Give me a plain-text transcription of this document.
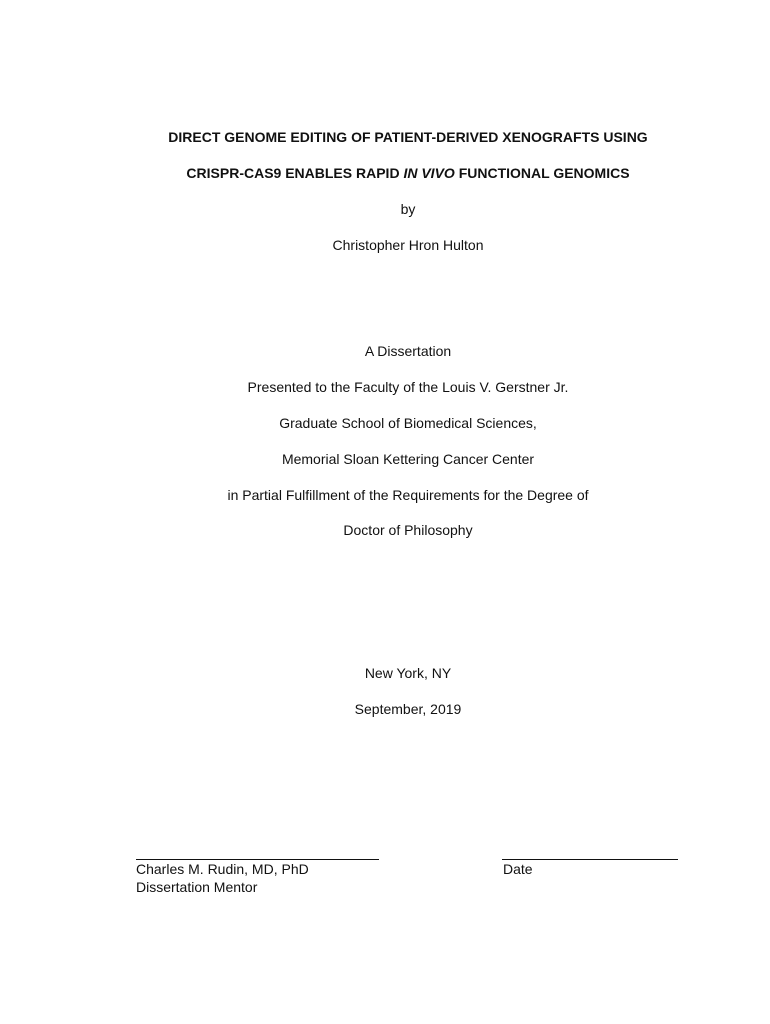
DIRECT GENOME EDITING OF PATIENT-DERIVED XENOGRAFTS USING
CRISPR-CAS9 ENABLES RAPID IN VIVO FUNCTIONAL GENOMICS
by
Christopher Hron Hulton
A Dissertation
Presented to the Faculty of the Louis V. Gerstner Jr.
Graduate School of Biomedical Sciences,
Memorial Sloan Kettering Cancer Center
in Partial Fulfillment of the Requirements for the Degree of
Doctor of Philosophy
New York, NY
September, 2019
Charles M. Rudin, MD, PhD
Dissertation Mentor
Date
